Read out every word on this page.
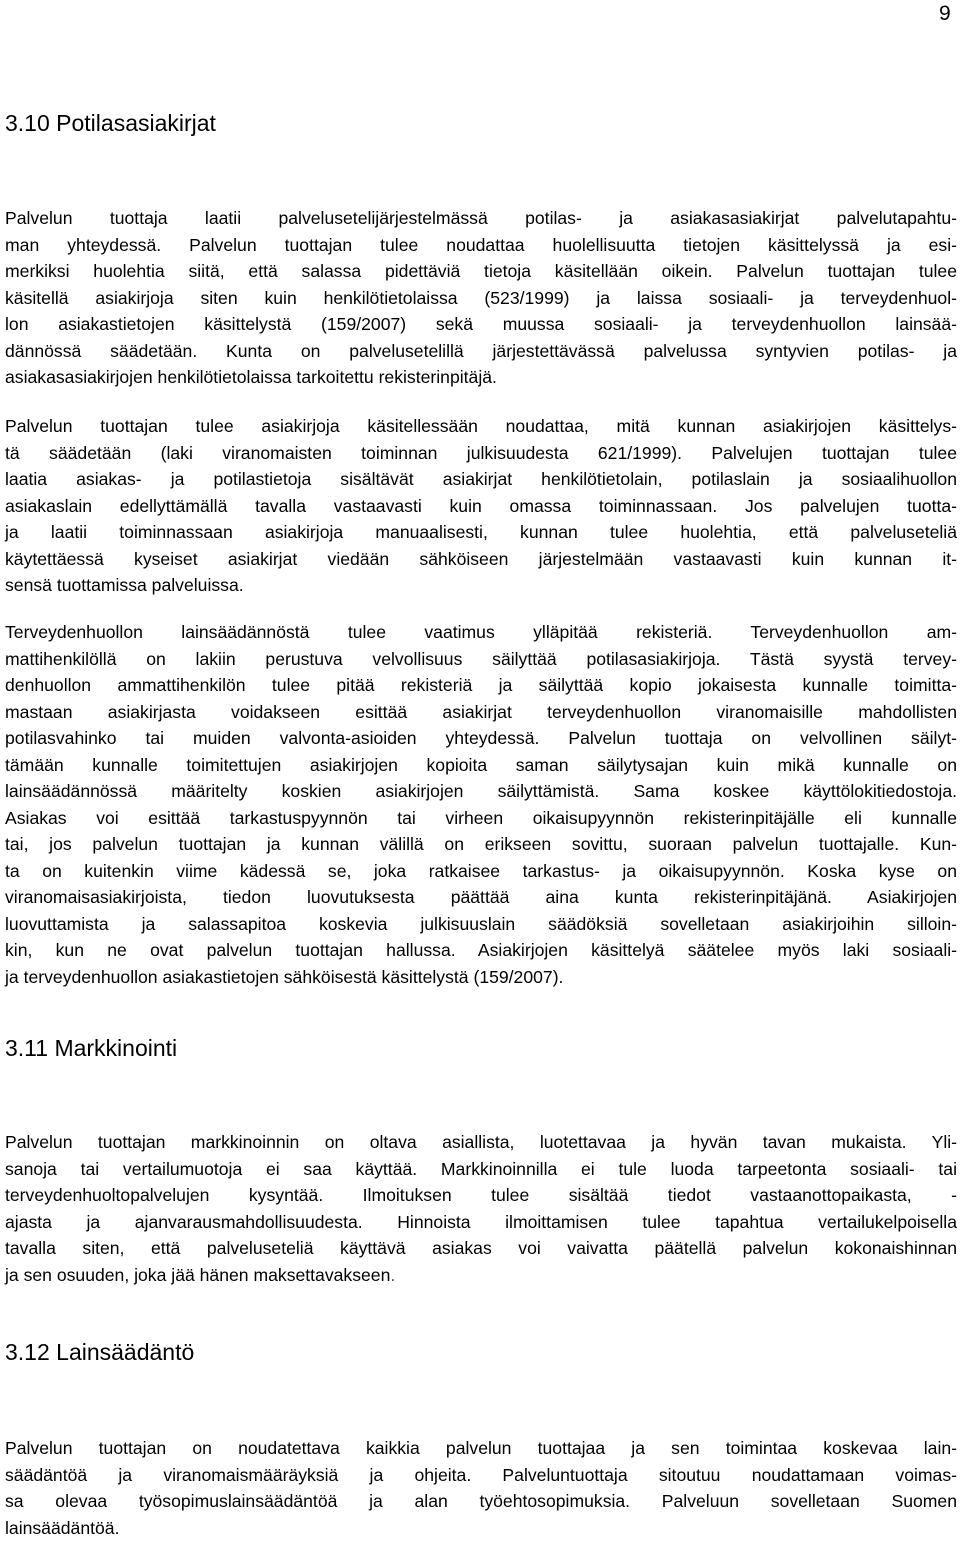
9
3.10 Potilasasiakirjat
Palvelun tuottaja laatii palvelusetelijärjestelmässä potilas- ja asiakasasiakirjat palvelutapahtu-
man yhteydessä. Palvelun tuottajan tulee noudattaa huolellisuutta tietojen käsittelyssä ja esi-
merkiksi huolehtia siitä, että salassa pidettäviä tietoja käsitellään oikein. Palvelun tuottajan tulee
käsitellä asiakirjoja siten kuin henkilötietolaissa (523/1999) ja laissa sosiaali- ja terveydenhuol-
lon asiakastietojen käsittelystä (159/2007) sekä muussa sosiaali- ja terveydenhuollon lainsää-
dännössä säädetään. Kunta on palvelusetelillä järjestettävässä palvelussa syntyvien potilas- ja
asiakasasiakirjojen henkilötietolaissa tarkoitettu rekisterinpitäjä.
Palvelun tuottajan tulee asiakirjoja käsitellessään noudattaa, mitä kunnan asiakirjojen käsittelys-
tä säädetään (laki viranomaisten toiminnan julkisuudesta 621/1999). Palvelujen tuottajan tulee
laatia asiakas- ja potilastietoja sisältävät asiakirjat henkilötietolain, potilaslain ja sosiaalihuollon
asiakaslain edellyttämällä tavalla vastaavasti kuin omassa toiminnassaan. Jos palvelujen tuotta-
ja laatii toiminnassaan asiakirjoja manuaalisesti, kunnan tulee huolehtia, että palveluseteliä
käytettäessä kyseiset asiakirjat viedään sähköiseen järjestelmään vastaavasti kuin kunnan it-
sensä tuottamissa palveluissa.
Terveydenhuollon lainsäädännöstä tulee vaatimus ylläpitää rekisteriä. Terveydenhuollon am-
mattihenkilöllä on lakiin perustuva velvollisuus säilyttää potilasasiakirjoja. Tästä syystä tervey-
denhuollon ammattihenkilön tulee pitää rekisteriä ja säilyttää kopio jokaisesta kunnalle toimitta-
mastaan asiakirjasta voidakseen esittää asiakirjat terveydenhuollon viranomaisille mahdollisten
potilasvahinko tai muiden valvonta-asioiden yhteydessä. Palvelun tuottaja on velvollinen säilyt-
tämään kunnalle toimitettujen asiakirjojen kopioita saman säilytysajan kuin mikä kunnalle on
lainsäädännössä määritelty koskien asiakirjojen säilyttämistä. Sama koskee käyttölokitiedostoja.
Asiakas voi esittää tarkastuspyynnön tai virheen oikaisupyynnön rekisterinpitäjälle eli kunnalle
tai, jos palvelun tuottajan ja kunnan välillä on erikseen sovittu, suoraan palvelun tuottajalle. Kun-
ta on kuitenkin viime kädessä se, joka ratkaisee tarkastus- ja oikaisupyynnön. Koska kyse on
viranomaisasiakirjoista, tiedon luovutuksesta päättää aina kunta rekisterinpitäjänä. Asiakirjojen
luovuttamista ja salassapitoa koskevia julkisuuslain säädöksiä sovelletaan asiakirjoihin silloin-
kin, kun ne ovat palvelun tuottajan hallussa. Asiakirjojen käsittelyä säätelee myös laki sosiaali-
ja terveydenhuollon asiakastietojen sähköisestä käsittelystä (159/2007).
3.11 Markkinointi
Palvelun tuottajan markkinoinnin on oltava asiallista, luotettavaa ja hyvän tavan mukaista. Yli-
sanoja tai vertailumuotoja ei saa käyttää. Markkinoinnilla ei tule luoda tarpeetonta sosiaali- tai
terveydenhuoltopalvelujen kysyntää. Ilmoituksen tulee sisältää tiedot vastaanottopaikasta, -
ajasta ja ajanvarausmahdollisuudesta. Hinnoista ilmoittamisen tulee tapahtua vertailukelpoisella
tavalla siten, että palveluseteliä käyttävä asiakas voi vaivatta päätellä palvelun kokonaishinnan
ja sen osuuden, joka jää hänen maksettavakseen.
3.12 Lainsäädäntö
Palvelun tuottajan on noudatettava kaikkia palvelun tuottajaa ja sen toimintaa koskevaa lain-
säädäntöä ja viranomaismääräyksiä ja ohjeita. Palveluntuottaja sitoutuu noudattamaan voimas-
sa olevaa työsopimuslainsäädäntöä ja alan työehtosopimuksia. Palveluun sovelletaan Suomen
lainsäädäntöä.
